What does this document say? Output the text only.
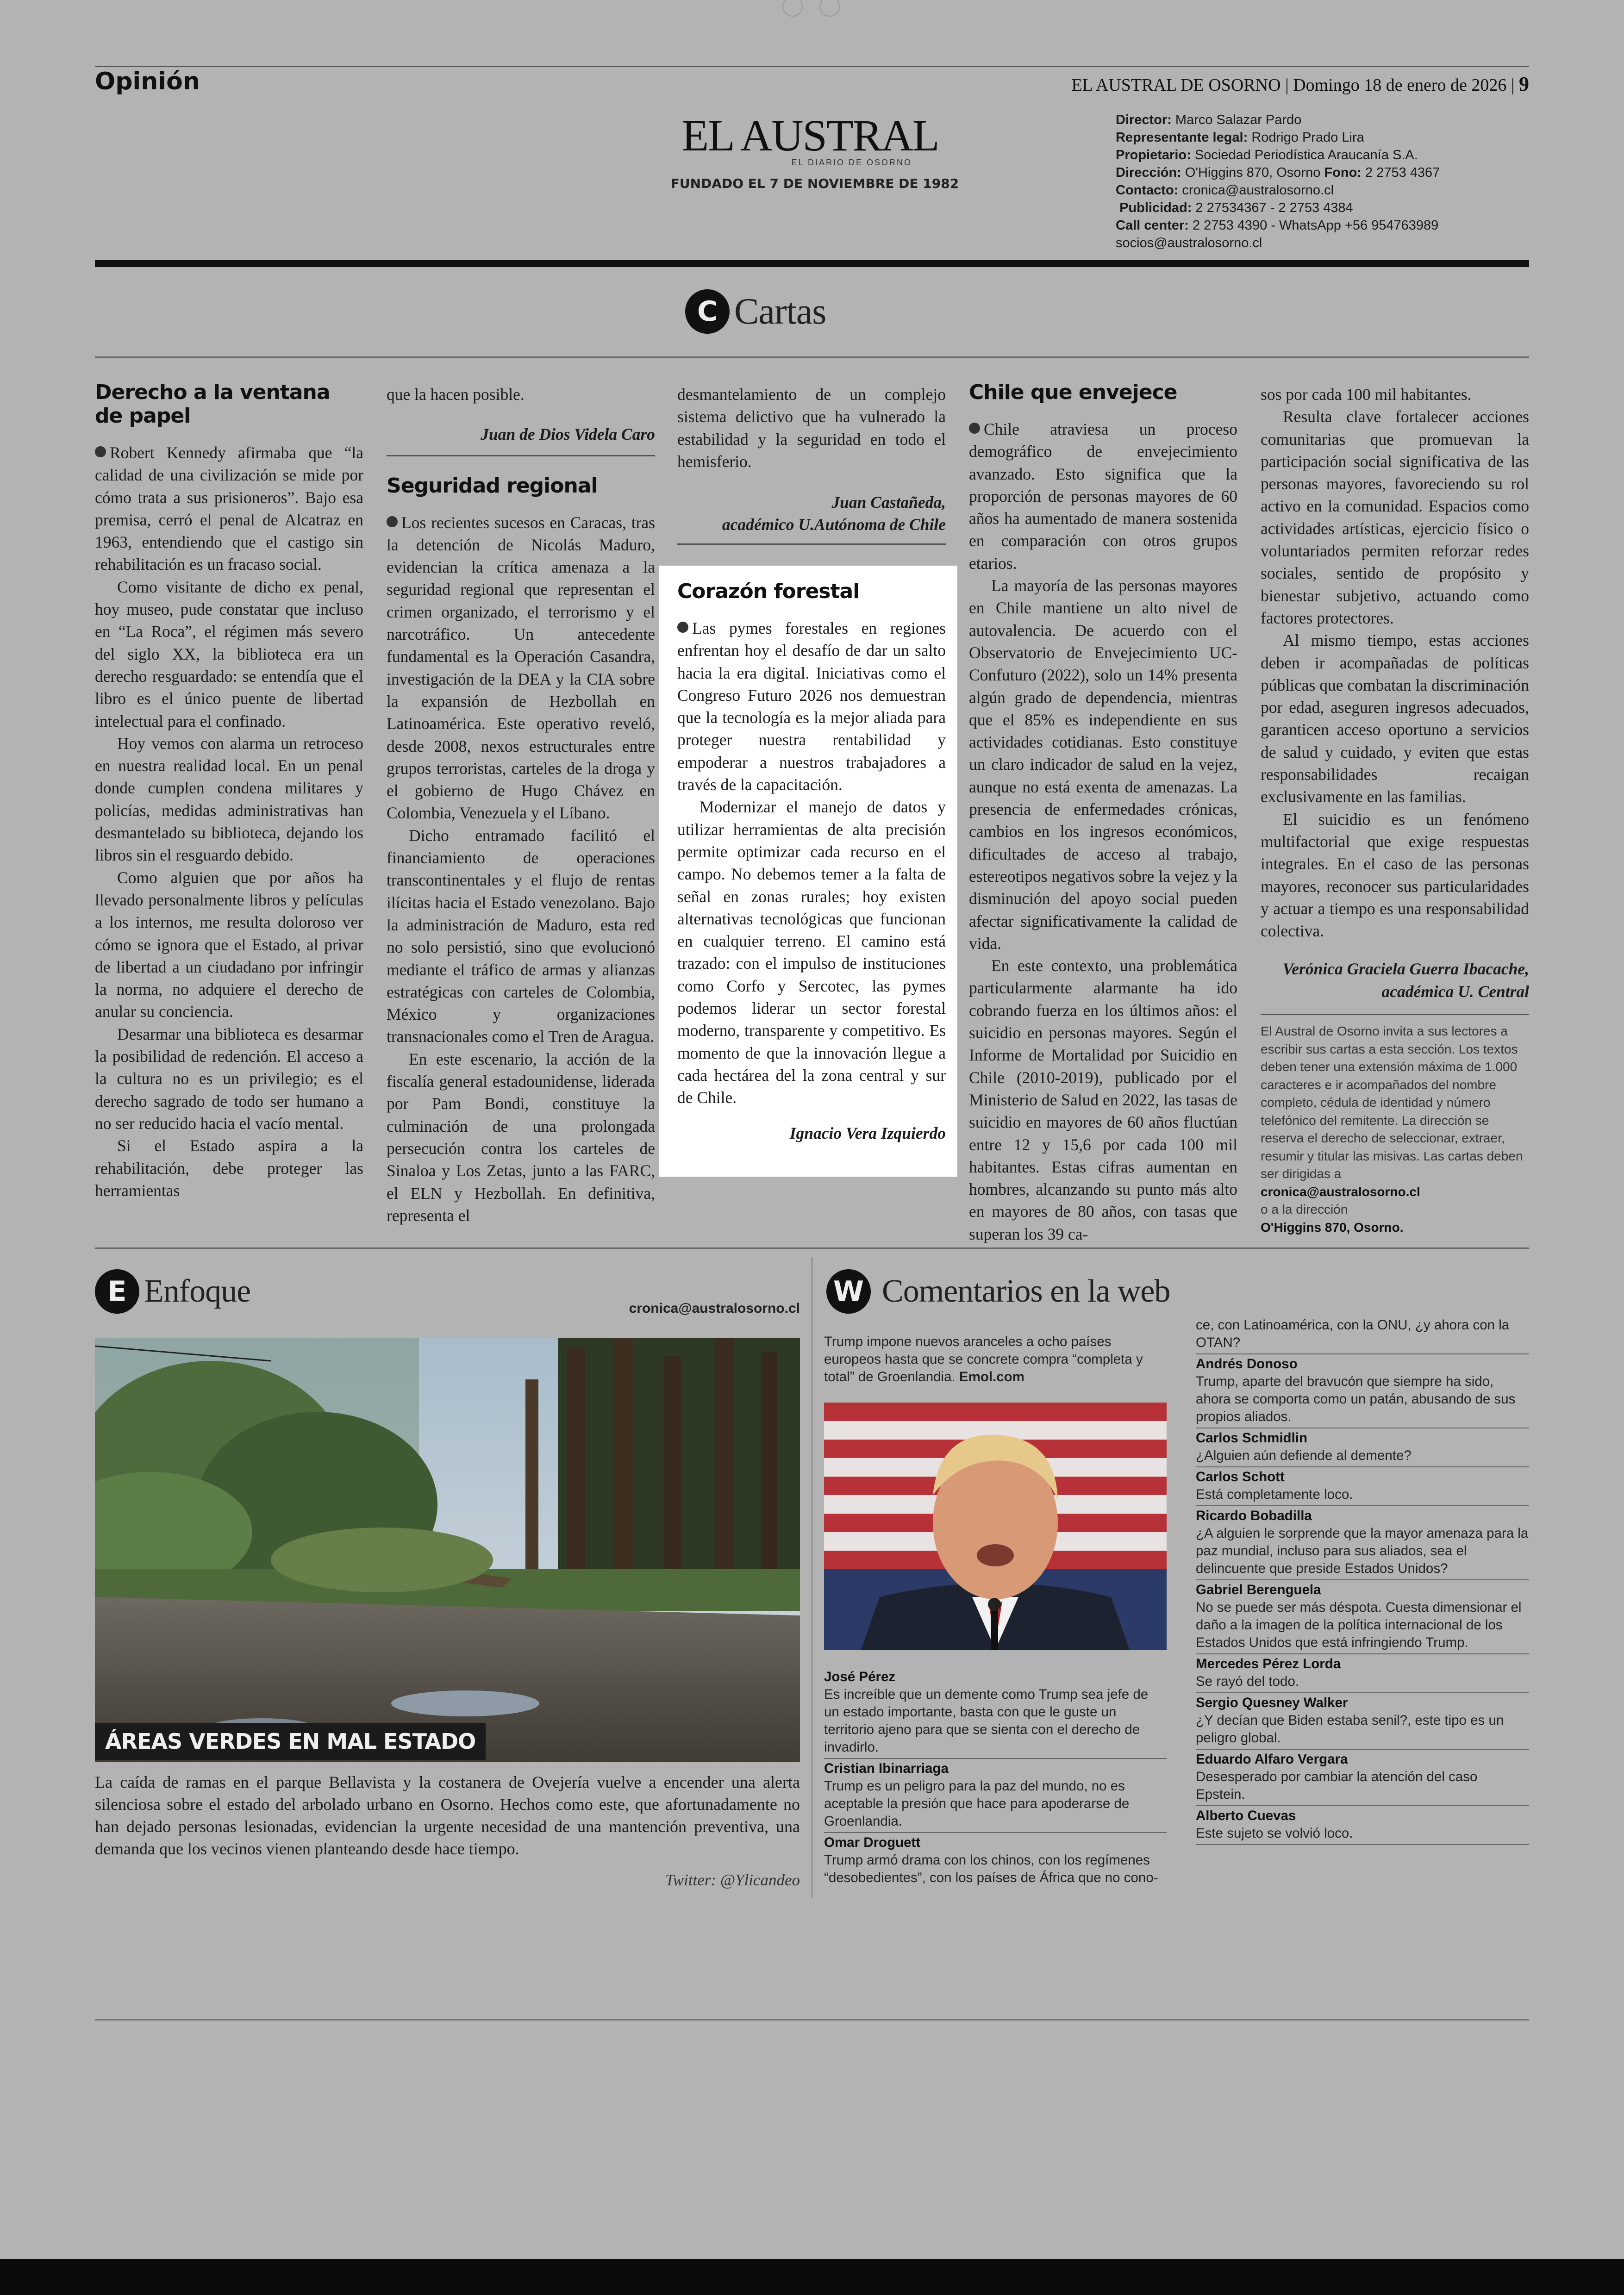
Opinión	EL AUSTRAL DE OSORNO | Domingo 18 de enero de 2026 | 9
EL AUSTRAL
EL DIARIO DE OSORNO
FUNDADO EL 7 DE NOVIEMBRE DE 1982
Director: Marco Salazar Pardo
Representante legal: Rodrigo Prado Lira
Propietario: Sociedad Periodística Araucanía S.A.
Dirección: O'Higgins 870, Osorno Fono: 2 2753 4367
Contacto: cronica@australosorno.cl
Publicidad: 2 27534367 - 2 2753 4384
Call center: 2 2753 4390 - WhatsApp +56 954763989
socios@australosorno.cl
C Cartas
Derecho a la ventana de papel

Robert Kennedy afirmaba que “la calidad de una civilización se mide por cómo trata a sus prisioneros”. Bajo esa premisa, cerró el penal de Alcatraz en 1963, entendiendo que el castigo sin rehabilitación es un fracaso social.

Como visitante de dicho ex penal, hoy museo, pude constatar que incluso en “La Roca”, el régimen más severo del siglo XX, la biblioteca era un derecho resguardado: se entendía que el libro es el único puente de libertad intelectual para el confinado.

Hoy vemos con alarma un retroceso en nuestra realidad local. En un penal donde cumplen condena militares y policías, medidas administrativas han desmantelado su biblioteca, dejando los libros sin el resguardo debido.

Como alguien que por años ha llevado personalmente libros y películas a los internos, me resulta doloroso ver cómo se ignora que el Estado, al privar de libertad a un ciudadano por infringir la norma, no adquiere el derecho de anular su conciencia.

Desarmar una biblioteca es desarmar la posibilidad de redención. El acceso a la cultura no es un privilegio; es el derecho sagrado de todo ser humano a no ser reducido hacia el vacío mental.

Si el Estado aspira a la rehabilitación, debe proteger las herramientas

que la hacen posible.

Juan de Dios Videla Caro

Seguridad regional

Los recientes sucesos en Caracas, tras la detención de Nicolás Maduro, evidencian la crítica amenaza a la seguridad regional que representan el crimen organizado, el terrorismo y el narcotráfico. Un antecedente fundamental es la Operación Casandra, investigación de la DEA y la CIA sobre la expansión de Hezbollah en Latinoamérica. Este operativo reveló, desde 2008, nexos estructurales entre grupos terroristas, carteles de la droga y el gobierno de Hugo Chávez en Colombia, Venezuela y el Líbano.

Dicho entramado facilitó el financiamiento de operaciones transcontinentales y el flujo de rentas ilícitas hacia el Estado venezolano. Bajo la administración de Maduro, esta red no solo persistió, sino que evolucionó mediante el tráfico de armas y alianzas estratégicas con carteles de Colombia, México y organizaciones transnacionales como el Tren de Aragua.

En este escenario, la acción de la fiscalía general estadounidense, liderada por Pam Bondi, constituye la culminación de una prolongada persecución contra los carteles de Sinaloa y Los Zetas, junto a las FARC, el ELN y Hezbollah. En definitiva, representa el

desmantelamiento de un complejo sistema delictivo que ha vulnerado la estabilidad y la seguridad en todo el hemisferio.

Juan Castañeda,

académico U.Autónoma de Chile

Corazón forestal

Las pymes forestales en regiones enfrentan hoy el desafío de dar un salto hacia la era digital. Iniciativas como el Congreso Futuro 2026 nos demuestran que la tecnología es la mejor aliada para proteger nuestra rentabilidad y empoderar a nuestros trabajadores a través de la capacitación.

Modernizar el manejo de datos y utilizar herramientas de alta precisión permite optimizar cada recurso en el campo. No debemos temer a la falta de señal en zonas rurales; hoy existen alternativas tecnológicas que funcionan en cualquier terreno. El camino está trazado: con el impulso de instituciones como Corfo y Sercotec, las pymes podemos liderar un sector forestal moderno, transparente y competitivo. Es momento de que la innovación llegue a cada hectárea del la zona central y sur de Chile.

Ignacio Vera Izquierdo

Chile que envejece

Chile atraviesa un proceso demográfico de envejecimiento avanzado. Esto significa que la proporción de personas mayores de 60 años ha aumentado de manera sostenida en comparación con otros grupos etarios.

La mayoría de las personas mayores en Chile mantiene un alto nivel de autovalencia. De acuerdo con el Observatorio de Envejecimiento UC-Confuturo (2022), solo un 14% presenta algún grado de dependencia, mientras que el 85% es independiente en sus actividades cotidianas. Esto constituye un claro indicador de salud en la vejez, aunque no está exenta de amenazas. La presencia de enfermedades crónicas, cambios en los ingresos económicos, dificultades de acceso al trabajo, estereotipos negativos sobre la vejez y la disminución del apoyo social pueden afectar significativamente la calidad de vida.

En este contexto, una problemática particularmente alarmante ha ido cobrando fuerza en los últimos años: el suicidio en personas mayores. Según el Informe de Mortalidad por Suicidio en Chile (2010-2019), publicado por el Ministerio de Salud en 2022, las tasas de suicidio en mayores de 60 años fluctúan entre 12 y 15,6 por cada 100 mil habitantes. Estas cifras aumentan en hombres, alcanzando su punto más alto en mayores de 80 años, con tasas que superan los 39 ca-

sos por cada 100 mil habitantes.

Resulta clave fortalecer acciones comunitarias que promuevan la participación social significativa de las personas mayores, favoreciendo su rol activo en la comunidad. Espacios como actividades artísticas, ejercicio físico o voluntariados permiten reforzar redes sociales, sentido de propósito y bienestar subjetivo, actuando como factores protectores.

Al mismo tiempo, estas acciones deben ir acompañadas de políticas públicas que combatan la discriminación por edad, aseguren ingresos adecuados, garanticen acceso oportuno a servicios de salud y cuidado, y eviten que estas responsabilidades recaigan exclusivamente en las familias.

El suicidio es un fenómeno multifactorial que exige respuestas integrales. En el caso de las personas mayores, reconocer sus particularidades y actuar a tiempo es una responsabilidad colectiva.

Verónica Graciela Guerra Ibacache,

académica U. Central

El Austral de Osorno invita a sus lectores a escribir sus cartas a esta sección. Los textos deben tener una extensión máxima de 1.000 caracteres e ir acompañados del nombre completo, cédula de identidad y número telefónico del remitente. La dirección se reserva el derecho de seleccionar, extraer, resumir y titular las misivas. Las cartas deben ser dirigidas a
cronica@australosorno.cl
o a la dirección
O'Higgins 870, Osorno.
E Enfoque	cronica@australosorno.cl
ÁREAS VERDES EN MAL ESTADO
La caída de ramas en el parque Bellavista y la costanera de Ovejería vuelve a encender una alerta silenciosa sobre el estado del arbolado urbano en Osorno. Hechos como este, que afortunadamente no han dejado personas lesionadas, evidencian la urgente necesidad de una mantención preventiva, una demanda que los vecinos vienen planteando desde hace tiempo.
Twitter: @Ylicandeo
W Comentarios en la web
Trump impone nuevos aranceles a ocho países europeos hasta que se concrete compra “completa y total” de Groenlandia. Emol.com
José Pérez
Es increíble que un demente como Trump sea jefe de un estado importante, basta con que le guste un territorio ajeno para que se sienta con el derecho de invadirlo.
Cristian Ibinarriaga
Trump es un peligro para la paz del mundo, no es aceptable la presión que hace para apoderarse de Groenlandia.
Omar Droguett
Trump armó drama con los chinos, con los regímenes “desobedientes”, con los países de África que no cono-
ce, con Latinoamérica, con la ONU, ¿y ahora con la OTAN?
Andrés Donoso
Trump, aparte del bravucón que siempre ha sido, ahora se comporta como un patán, abusando de sus propios aliados.
Carlos Schmidlin
¿Alguien aún defiende al demente?
Carlos Schott
Está completamente loco.
Ricardo Bobadilla
¿A alguien le sorprende que la mayor amenaza para la paz mundial, incluso para sus aliados, sea el delincuente que preside Estados Unidos?
Gabriel Berenguela
No se puede ser más déspota. Cuesta dimensionar el daño a la imagen de la política internacional de los Estados Unidos que está infringiendo Trump.
Mercedes Pérez Lorda
Se rayó del todo.
Sergio Quesney Walker
¿Y decían que Biden estaba senil?, este tipo es un peligro global.
Eduardo Alfaro Vergara
Desesperado por cambiar la atención del caso Epstein.
Alberto Cuevas
Este sujeto se volvió loco.
